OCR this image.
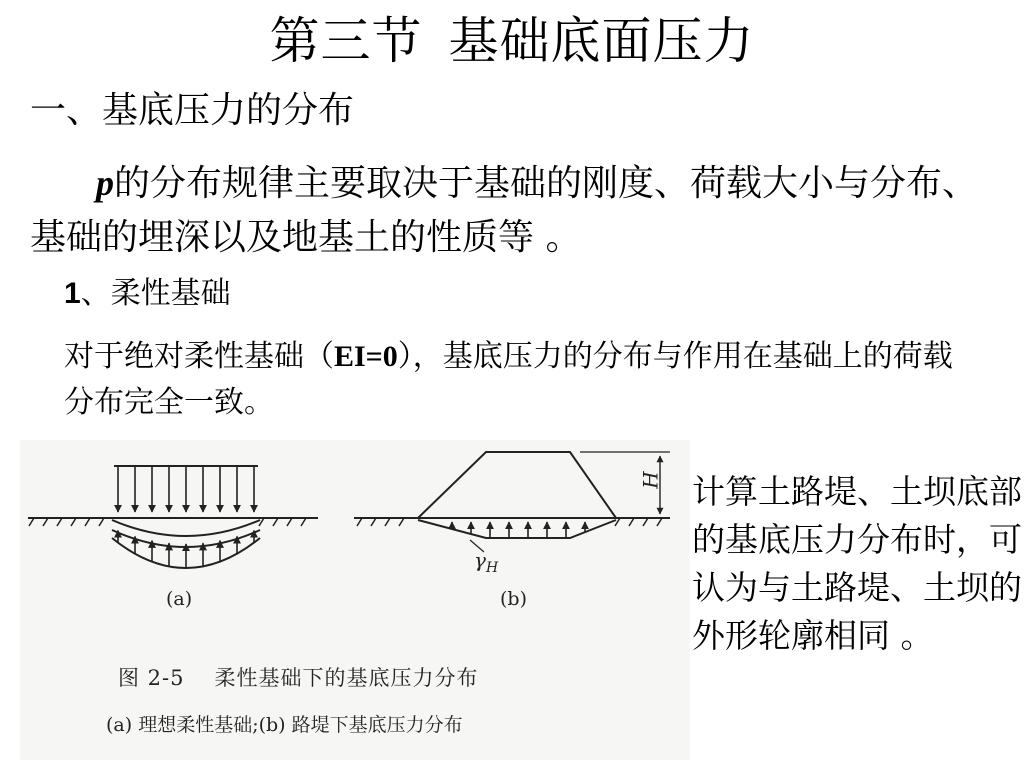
第三节 基础底面压力
一、基底压力的分布
p的分布规律主要取决于基础的刚度、荷载大小与分布、基础的埋深以及地基土的性质等 。
1、柔性基础
对于绝对柔性基础（EI=0），基底压力的分布与作用在基础上的荷载分布完全一致。
(a)	(b)
H
$\gamma_H$
图 2-5 柔性基础下的基底压力分布
(a) 理想柔性基础;(b) 路堤下基底压力分布
计算土路堤、土坝底部的基底压力分布时，可认为与土路堤、土坝的外形轮廓相同 。
